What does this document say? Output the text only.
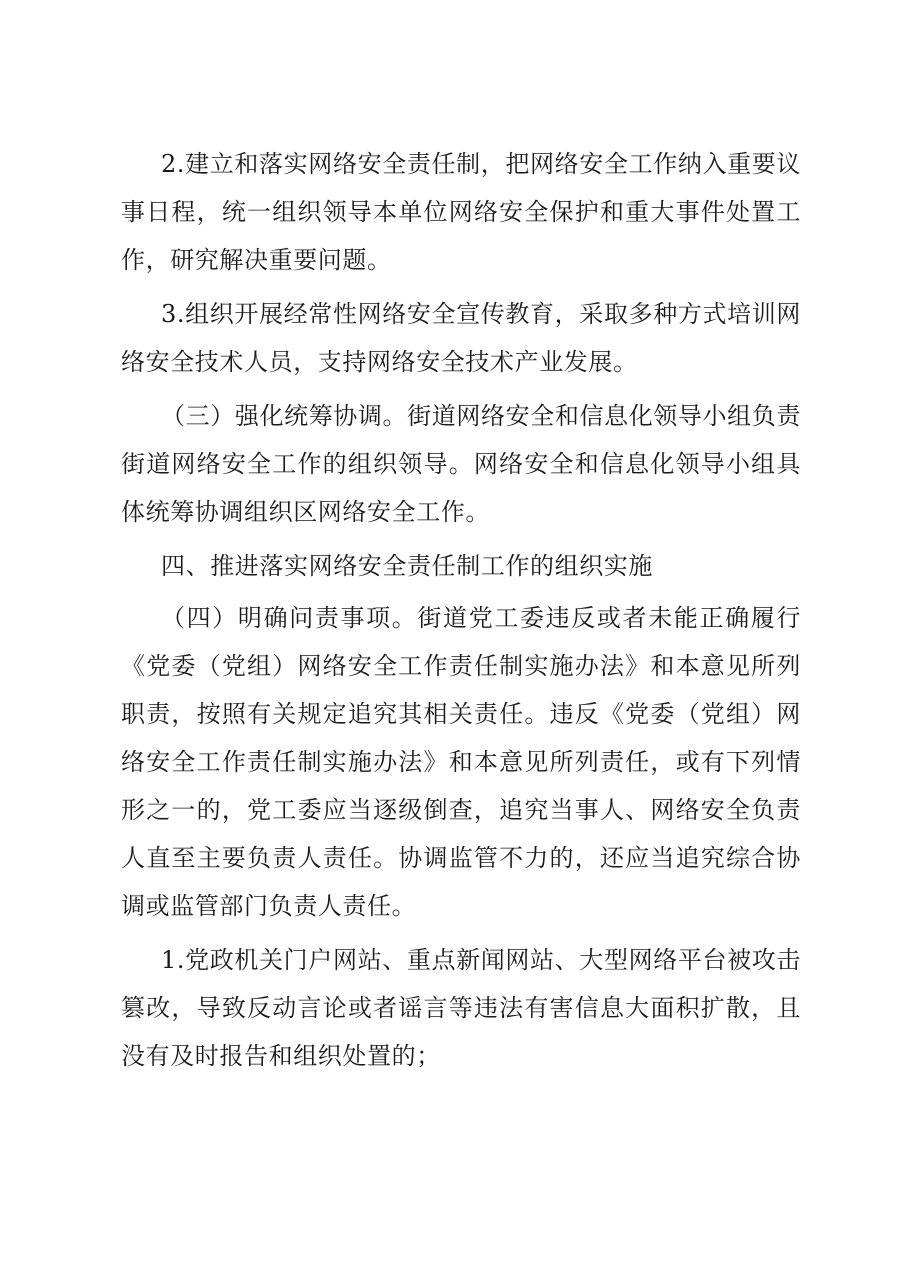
2.建立和落实网络安全责任制，把网络安全工作纳入重要议事日程，统一组织领导本单位网络安全保护和重大事件处置工作，研究解决重要问题。

3.组织开展经常性网络安全宣传教育，采取多种方式培训网络安全技术人员，支持网络安全技术产业发展。

（三）强化统筹协调。街道网络安全和信息化领导小组负责街道网络安全工作的组织领导。网络安全和信息化领导小组具体统筹协调组织区网络安全工作。

四、推进落实网络安全责任制工作的组织实施

（四）明确问责事项。街道党工委违反或者未能正确履行《党委（党组）网络安全工作责任制实施办法》和本意见所列职责，按照有关规定追究其相关责任。违反《党委（党组）网络安全工作责任制实施办法》和本意见所列责任，或有下列情形之一的，党工委应当逐级倒查，追究当事人、网络安全负责人直至主要负责人责任。协调监管不力的，还应当追究综合协调或监管部门负责人责任。

1.党政机关门户网站、重点新闻网站、大型网络平台被攻击篡改，导致反动言论或者谣言等违法有害信息大面积扩散，且没有及时报告和组织处置的；
